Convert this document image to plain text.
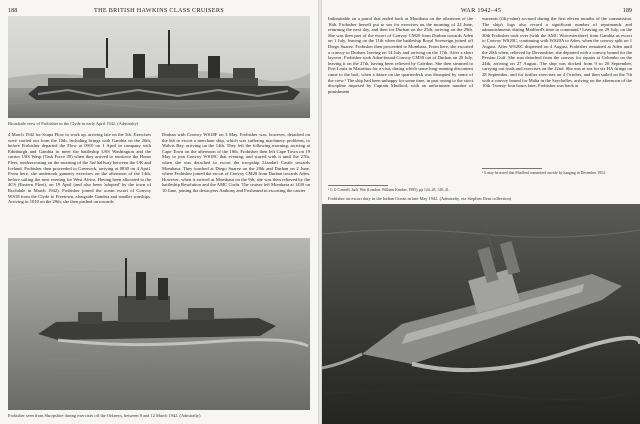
188	THE BRITISH HAWKINS CLASS CRUISERS
Broadside view of Frobisher in the Clyde in early April 1942. (Admiralty)

4 March 1942 for Scapa Flow to work up, arriving late on the 5th. Exercises were carried out from the 10th, including firings with Gambia on the 26th, before Frobisher departed the Flow at 0910 on 1 April in company with Edinburgh and Gambia to meet the battleship USS Washington and the carrier USS Wasp (Task Force 39) when they arrived to reinforce the Home Fleet, rendezvousing on the morning of the 3rd halfway between the UK and Iceland. Frobisher then proceeded to Greenock, arriving at 0830 on 4 April. From here, she undertook gunnery exercises on the afternoon of the 14th, before sailing the next evening for West Africa. Having been allocated to the 4CS (Eastern Fleet), on 19 April (and also been 'adopted' by the town of Rochdale in March 1942), Frobisher joined the ocean escort of Convoy WS18 from the Clyde to Freetown, alongside Gambia and smaller warships. Arriving in 1010 on the 29th, she then pushed on towards

Durban with Convoy WS18F on 3 May. Frobisher was, however, detached on the 6th to escort a merchant ship, which was suffering machinery problems, to Walvis Bay, arriving on the 14th. They left the following morning, arriving at Cape Town on the afternoon of the 18th. Frobisher then left Cape Town on 19 May to join Convoy WS18C that evening, and stayed with it until the 27th, when she was detached to escort the troopship Llandaff Castle towards Mombasa. They touched at Diego Suarez on the 29th and Durban on 2 June, where Frobisher joined the escort of Convoy CM28 from Durban towards Aden. However, when it arrived at Mombasa on the 9th, she was then relieved by the battleship Resolution and the AMC Corfu. The cruiser left Mombasa at 1430 on 10 June, joining the destroyers Anthony and Foxhound in escorting the carrier

Frobisher seen from Shropshire during exercises off the Orkneys, between 8 and 12 March 1942. (Admiralty)
WAR 1942–45	189

Indomitable on a patrol that ended back at Mombasa on the afternoon of the 16th. Frobisher herself put to sea for exercises on the morning of 22 June, returning the next day, and then for Durban on the 25th, arriving on the 29th. She was then part of the escort of Convoy CM29 from Durban towards Aden on 1 July, leaving on the 11th when the battleship Royal Sovereign joined off Diego Suarez. Frobisher then proceeded to Mombasa. From here, she escorted a convoy to Durban, leaving on 14 July and arriving on the 17th. After a short layover, Frobisher took Aden-bound Convoy CM30 out of Durban on 20 July, leaving it on the 27th, having been relieved by Caledon. She then steamed to Port Louis in Mauritius for a visit, during which some long-running discontent came to the boil, when a dance on the quarterdeck was disrupted by some of the crew.¹ The ship had been unhappy for some time, in part owing to the strict discipline imposed by Captain Mudford, with an unfortunate number of punishment

warrants (fifty-nine) accrued during the first eleven months of the commission. The ship's logs also record a significant number of reprimands and admonishments during Mudford's time in command.² Leaving on 29 July, on the 30th Frobisher took over (with the AMC Worcestershire) from Gambia as escort to Convoy WS20C, continuing with WS20A to Aden, when the convoy split on 1 August. After WS20C dispersed on 4 August, Frobisher remained at Aden until the 20th when, relieved by Devonshire, she departed with a convoy bound for the Persian Gulf. She was detached from the convoy for repairs at Colombo on the 24th, arriving on 27 August. The ship was docked from 9 to 20 September, carrying out trials and exercises on the 22nd. She was at sea for six HA firings on 28 September, and for further exercises on 4 October, and then sailed on the 7th with a convoy bound for Malta in the Seychelles, arriving on the afternoon of the 10th. Twenty-four hours later, Frobisher was back at

¹ G G Connell, Jack' War (London: William Kimber, 1985), pp 124–28, 140–41.
² It may be noted that Mudford committed suicide by hanging in December 1954.
Frobisher on escort duty in the Indian Ocean in late May 1942. (Admiralty, via Stephen Dent collection)
